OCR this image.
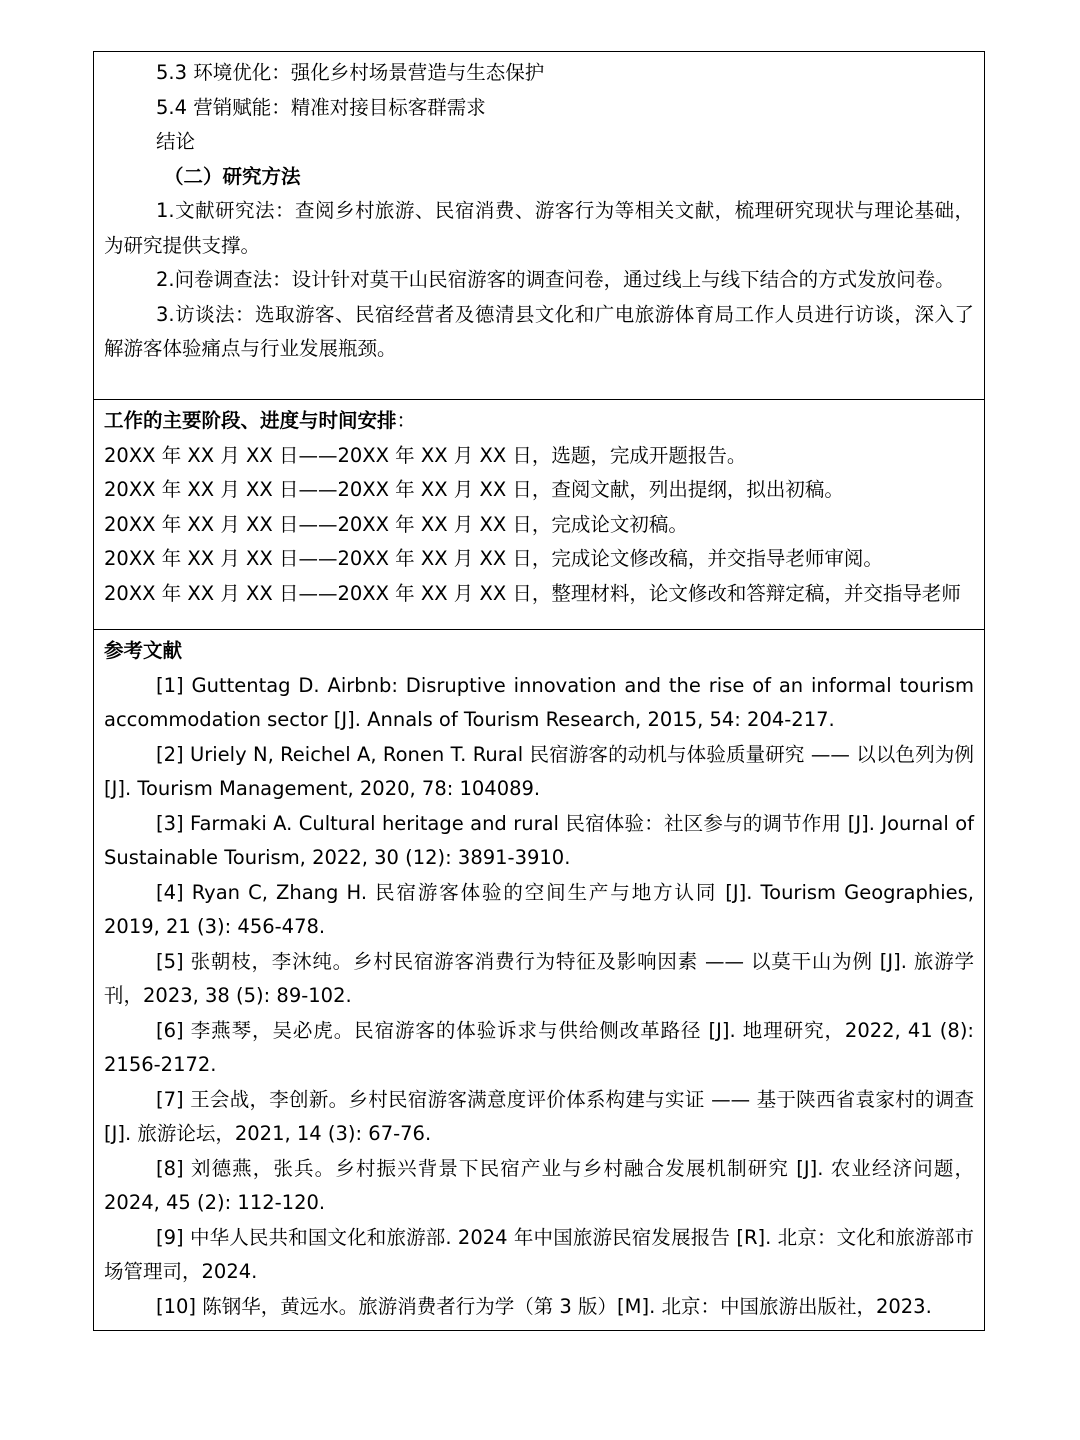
5.3 环境优化：强化乡村场景营造与生态保护

5.4 营销赋能：精准对接目标客群需求

结论

（二）研究方法

1.文献研究法：查阅乡村旅游、民宿消费、游客行为等相关文献，梳理研究现状与理论基础，为研究提供支撑。

2.问卷调查法：设计针对莫干山民宿游客的调查问卷，通过线上与线下结合的方式发放问卷。

3.访谈法：选取游客、民宿经营者及德清县文化和广电旅游体育局工作人员进行访谈，深入了解游客体验痛点与行业发展瓶颈。

工作的主要阶段、进度与时间安排：

20XX 年 XX 月 XX 日——20XX 年 XX 月 XX 日，选题，完成开题报告。

20XX 年 XX 月 XX 日——20XX 年 XX 月 XX 日，查阅文献，列出提纲，拟出初稿。

20XX 年 XX 月 XX 日——20XX 年 XX 月 XX 日，完成论文初稿。

20XX 年 XX 月 XX 日——20XX 年 XX 月 XX 日，完成论文修改稿，并交指导老师审阅。

20XX 年 XX 月 XX 日——20XX 年 XX 月 XX 日，整理材料，论文修改和答辩定稿，并交指导老师

参考文献

[1] Guttentag D. Airbnb: Disruptive innovation and the rise of an informal tourism accommodation sector [J]. Annals of Tourism Research, 2015, 54: 204-217.

[2] Uriely N, Reichel A, Ronen T. Rural 民宿游客的动机与体验质量研究 —— 以以色列为例 [J]. Tourism Management, 2020, 78: 104089.

[3] Farmaki A. Cultural heritage and rural 民宿体验：社区参与的调节作用 [J]. Journal of Sustainable Tourism, 2022, 30 (12): 3891-3910.

[4] Ryan C, Zhang H. 民宿游客体验的空间生产与地方认同 [J]. Tourism Geographies, 2019, 21 (3): 456-478.

[5] 张朝枝，李沐纯。乡村民宿游客消费行为特征及影响因素 —— 以莫干山为例 [J]. 旅游学刊，2023, 38 (5): 89-102.

[6] 李燕琴，吴必虎。民宿游客的体验诉求与供给侧改革路径 [J]. 地理研究，2022, 41 (8): 2156-2172.

[7] 王会战，李创新。乡村民宿游客满意度评价体系构建与实证 —— 基于陕西省袁家村的调查 [J]. 旅游论坛，2021, 14 (3): 67-76.

[8] 刘德燕，张兵。乡村振兴背景下民宿产业与乡村融合发展机制研究 [J]. 农业经济问题，2024, 45 (2): 112-120.

[9] 中华人民共和国文化和旅游部. 2024 年中国旅游民宿发展报告 [R]. 北京：文化和旅游部市场管理司，2024.

[10] 陈钢华，黄远水。旅游消费者行为学（第 3 版）[M]. 北京：中国旅游出版社，2023.
